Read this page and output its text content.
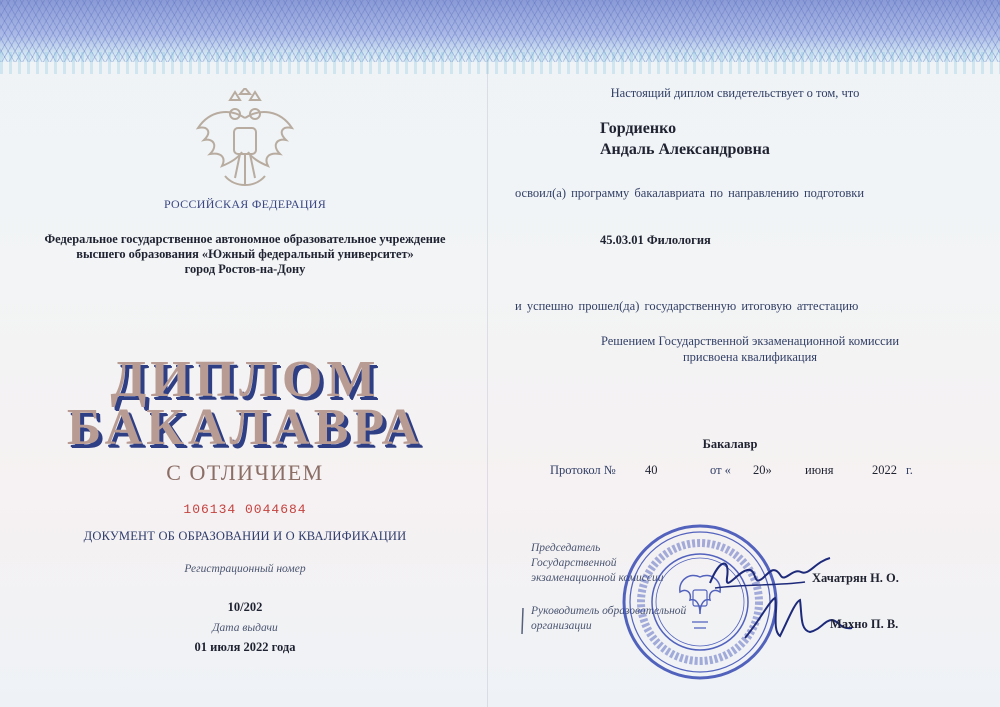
РОССИЙСКАЯ ФЕДЕРАЦИЯ
Федеральное государственное автономное образовательное учреждение
высшего образования «Южный федеральный университет»
город Ростов-на-Дону
ДИПЛОМ
БАКАЛАВРА
С ОТЛИЧИЕМ
106134 0044684
ДОКУМЕНТ ОБ ОБРАЗОВАНИИ И О КВАЛИФИКАЦИИ
Регистрационный номер
10/202
Дата выдачи
01 июля 2022 года
Настоящий диплом свидетельствует о том, что
Гордиенко
Андаль Александровна
освоил(а) программу бакалавриата по направлению подготовки
45.03.01 Филология
и успешно прошел(да) государственную итоговую аттестацию
Решением Государственной экзаменационной комиссии
присвоена квалификация
Бакалавр
Протокол № 40	от « 20»	июня	2022 г.
Председатель
Государственной
экзаменационной комиссии
Руководитель образовательной
организации
Хачатрян Н. О.
Махно П. В.
